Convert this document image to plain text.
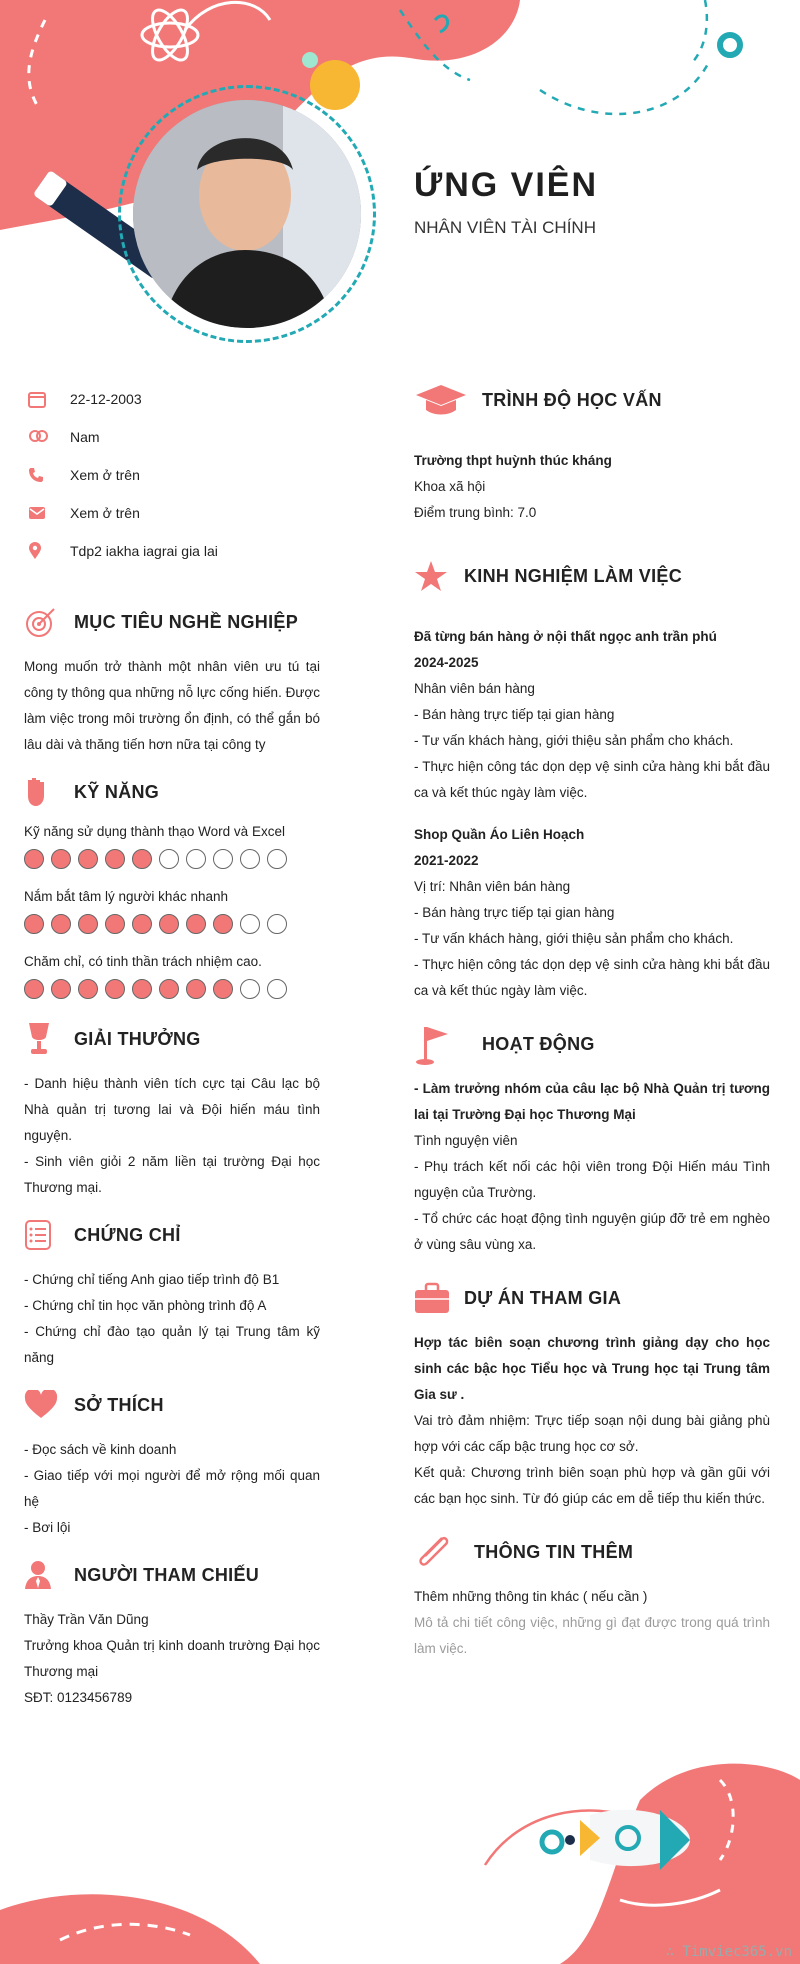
ỨNG VIÊN
NHÂN VIÊN TÀI CHÍNH
22-12-2003
Nam
Xem ở trên
Xem ở trên
Tdp2 iakha iagrai gia lai
MỤC TIÊU NGHỀ NGHIỆP
Mong muốn trở thành một nhân viên ưu tú tại công ty thông qua những nỗ lực cống hiến. Được làm việc trong môi trường ổn định, có thể gắn bó lâu dài và thăng tiến hơn nữa tại công ty
KỸ NĂNG
Kỹ năng sử dụng thành thạo Word và Excel
Nắm bắt tâm lý người khác nhanh
Chăm chỉ, có tinh thần trách nhiệm cao.
GIẢI THƯỞNG
- Danh hiệu thành viên tích cực tại Câu lạc bộ Nhà quản trị tương lai và Đội hiến máu tình nguyện.
- Sinh viên giỏi 2 năm liền tại trường Đại học Thương mại.
CHỨNG CHỈ
- Chứng chỉ tiếng Anh giao tiếp trình độ B1
- Chứng chỉ tin học văn phòng trình độ A
- Chứng chỉ đào tạo quản lý tại Trung tâm kỹ năng
SỞ THÍCH
- Đọc sách về kinh doanh
- Giao tiếp với mọi người để mở rộng mối quan hệ
- Bơi lội
NGƯỜI THAM CHIẾU
Thầy Trần Văn Dũng
Trưởng khoa Quản trị kinh doanh trường Đại học Thương mại
SĐT: 0123456789
TRÌNH ĐỘ HỌC VẤN
Trường thpt huỳnh thúc kháng
Khoa xã hội
Điểm trung bình: 7.0
KINH NGHIỆM LÀM VIỆC
Đã từng bán hàng ở nội thất ngọc anh trần phú
2024-2025
Nhân viên bán hàng
- Bán hàng trực tiếp tại gian hàng
- Tư vấn khách hàng, giới thiệu sản phẩm cho khách.
- Thực hiện công tác dọn dẹp vệ sinh cửa hàng khi bắt đầu ca và kết thúc ngày làm việc.
Shop Quần Áo Liên Hoạch
2021-2022
Vị trí: Nhân viên bán hàng
- Bán hàng trực tiếp tại gian hàng
- Tư vấn khách hàng, giới thiệu sản phẩm cho khách.
- Thực hiện công tác dọn dẹp vệ sinh cửa hàng khi bắt đầu ca và kết thúc ngày làm việc.
HOẠT ĐỘNG
- Làm trưởng nhóm của câu lạc bộ Nhà Quản trị tương lai tại Trường Đại học Thương Mại
Tình nguyện viên
- Phụ trách kết nối các hội viên trong Đội Hiến máu Tình nguyện của Trường.
- Tổ chức các hoạt động tình nguyện giúp đỡ trẻ em nghèo ở vùng sâu vùng xa.
DỰ ÁN THAM GIA
Hợp tác biên soạn chương trình giảng dạy cho học sinh các bậc học Tiểu học và Trung học tại Trung tâm Gia sư .
Vai trò đảm nhiệm: Trực tiếp soạn nội dung bài giảng phù hợp với các cấp bậc trung học cơ sở.
Kết quả: Chương trình biên soạn phù hợp và gần gũi với các bạn học sinh. Từ đó giúp các em dễ tiếp thu kiến thức.
THÔNG TIN THÊM
Thêm những thông tin khác ( nếu cần )
Mô tả chi tiết công việc, những gì đạt được trong quá trình làm việc.
∴ Timviec365.vn
